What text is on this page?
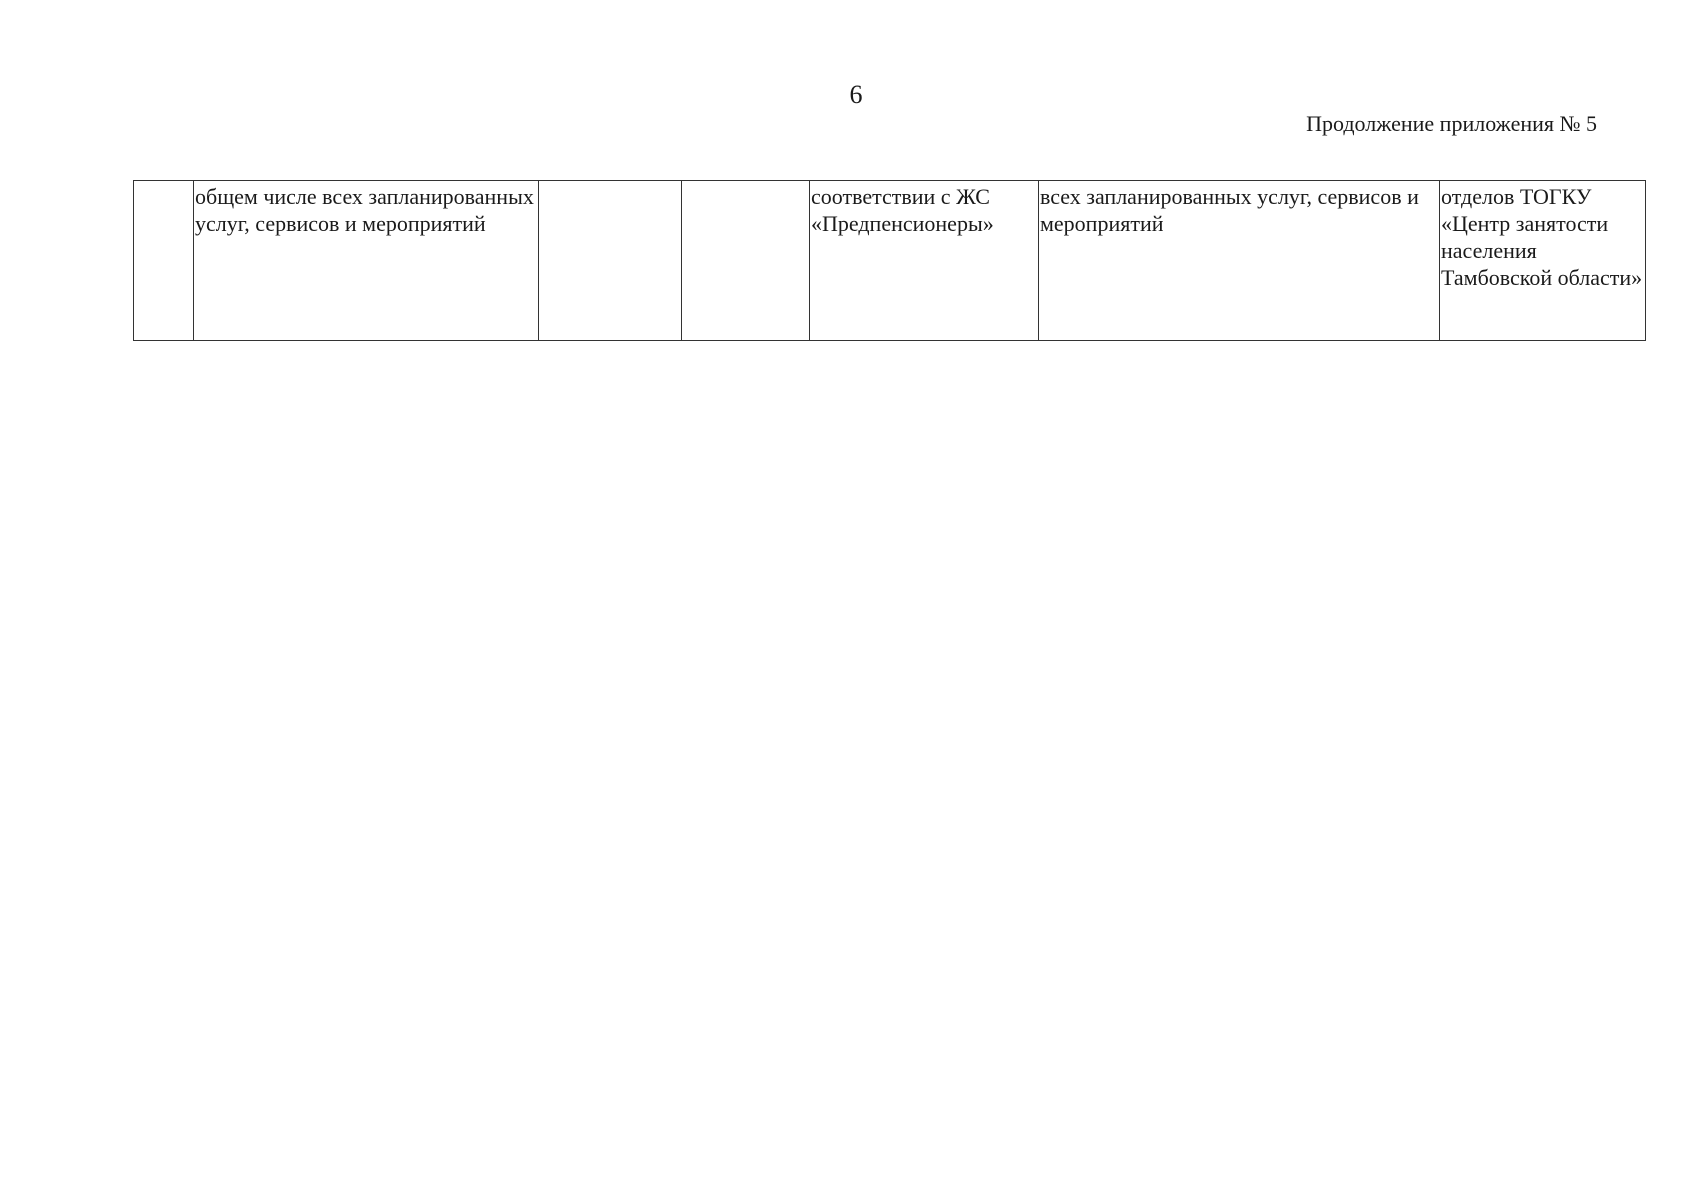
6
Продолжение приложения № 5
	общем числе всех запланированных услуг, сервисов и мероприятий			соответствии с ЖС «Предпенсионеры»	всех запланированных услуг, сервисов и мероприятий	отделов ТОГКУ «Центр занятости населения Тамбовской области»
